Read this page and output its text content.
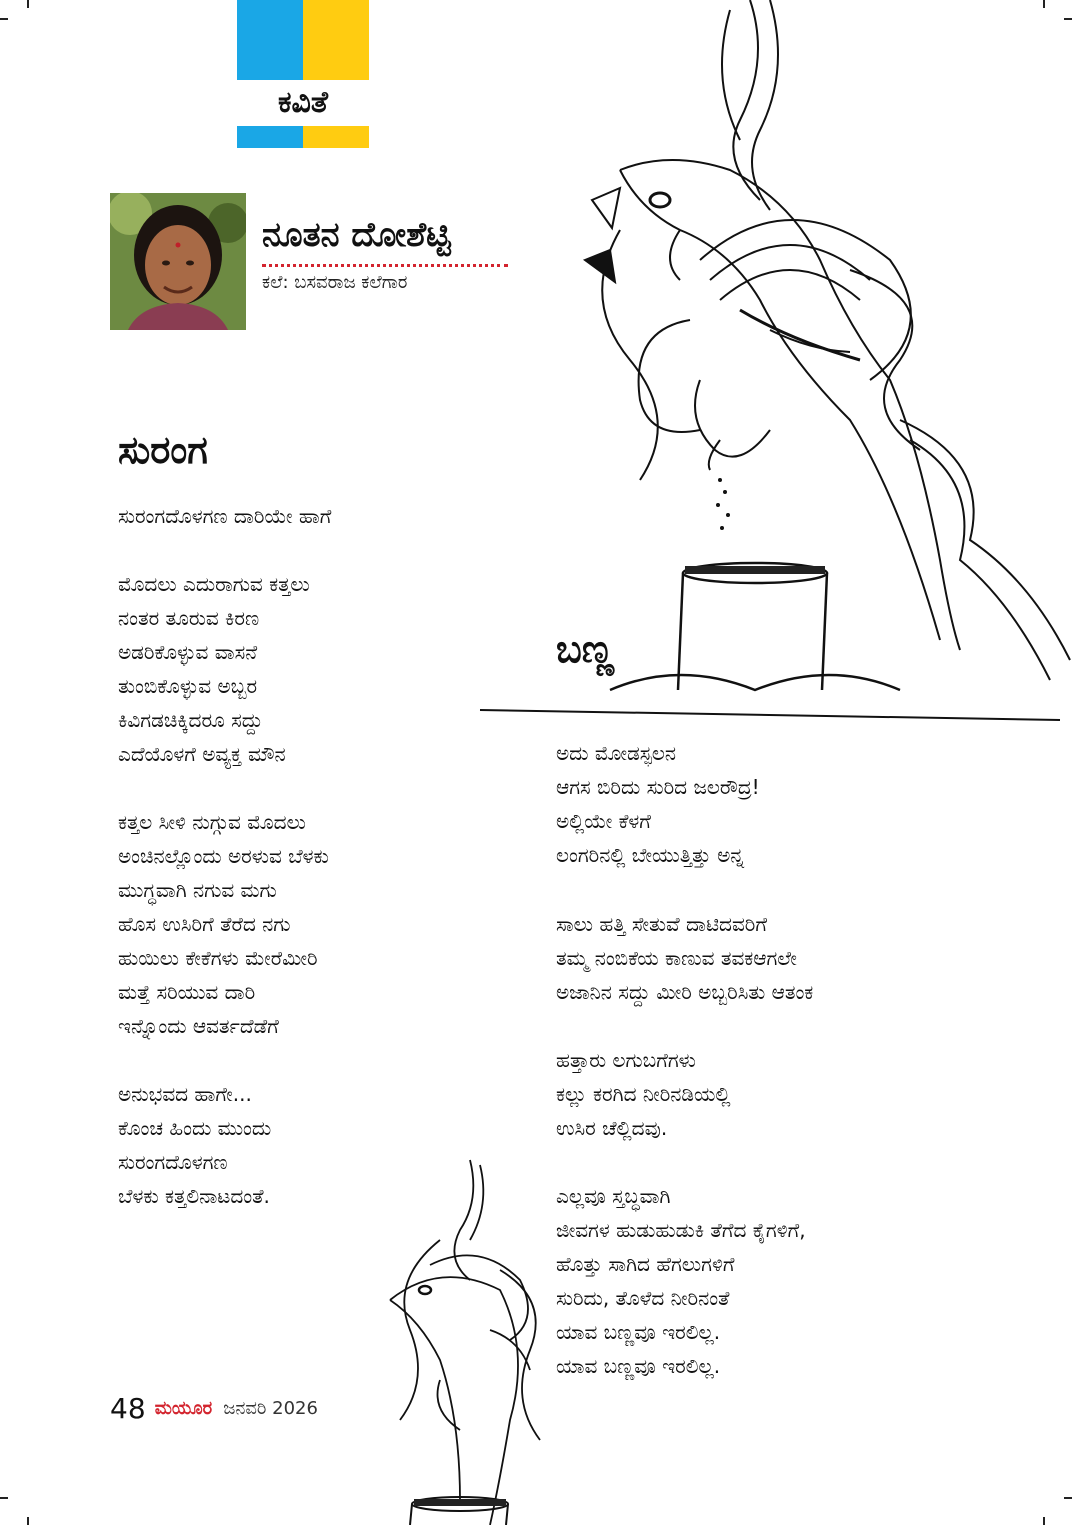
ಕವಿತೆ
ನೂತನ ದೋಶೆಟ್ಟಿ
ಕಲೆ: ಬಸವರಾಜ ಕಲೆಗಾರ
ಸುರಂಗ
ಸುರಂಗದೊಳಗಣ ದಾರಿಯೇ ಹಾಗೆ
ಮೊದಲು ಎದುರಾಗುವ ಕತ್ತಲು
ನಂತರ ತೂರುವ ಕಿರಣ
ಅಡರಿಕೊಳ್ಳುವ ವಾಸನೆ
ತುಂಬಿಕೊಳ್ಳುವ ಅಬ್ಬರ
ಕಿವಿಗಡಚಿಕ್ಕಿದರೂ ಸದ್ದು
ಎದೆಯೊಳಗೆ ಅವ್ಯಕ್ತ ಮೌನ
ಕತ್ತಲ ಸೀಳಿ ನುಗ್ಗುವ ಮೊದಲು
ಅಂಚಿನಲ್ಲೊಂದು ಅರಳುವ ಬೆಳಕು
ಮುಗ್ಧವಾಗಿ ನಗುವ ಮಗು
ಹೊಸ ಉಸಿರಿಗೆ ತೆರೆದ ನಗು
ಹುಯಿಲು ಕೇಕೆಗಳು ಮೇರೆಮೀರಿ
ಮತ್ತೆ ಸರಿಯುವ ದಾರಿ
ಇನ್ನೊಂದು ಆವರ್ತದೆಡೆಗೆ
ಅನುಭವದ ಹಾಗೇ...
ಕೊಂಚ ಹಿಂದು ಮುಂದು
ಸುರಂಗದೊಳಗಣ
ಬೆಳಕು ಕತ್ತಲಿನಾಟದಂತೆ.
ಬಣ್ಣ
ಅದು ಮೋಡಸ್ಫಲನ
ಆಗಸ ಬಿರಿದು ಸುರಿದ ಜಲರೌದ್ರ!
ಅಲ್ಲಿಯೇ ಕೆಳಗೆ
ಲಂಗರಿನಲ್ಲಿ ಬೇಯುತ್ತಿತ್ತು ಅನ್ನ
ಸಾಲು ಹತ್ತಿ ಸೇತುವೆ ದಾಟಿದವರಿಗೆ
ತಮ್ಮ ನಂಬಿಕೆಯ ಕಾಣುವ ತವಕಆಗಲೇ
ಅಜಾನಿನ ಸದ್ದು ಮೀರಿ ಅಬ್ಬರಿಸಿತು ಆತಂಕ
ಹತ್ತಾರು ಲಗುಬಗೆಗಳು
ಕಲ್ಲು ಕರಗಿದ ನೀರಿನಡಿಯಲ್ಲಿ
ಉಸಿರ ಚೆಲ್ಲಿದವು.
ಎಲ್ಲವೂ ಸ್ತಬ್ಧವಾಗಿ
ಜೀವಗಳ ಹುಡುಹುಡುಕಿ ತೆಗೆದ ಕೈಗಳಿಗೆ,
ಹೊತ್ತು ಸಾಗಿದ ಹೆಗಲುಗಳಿಗೆ
ಸುರಿದು, ತೊಳೆದ ನೀರಿನಂತೆ
ಯಾವ ಬಣ್ಣವೂ ಇರಲಿಲ್ಲ.
ಯಾವ ಬಣ್ಣವೂ ಇರಲಿಲ್ಲ.
48 ಮಯೂರ ಜನವರಿ 2026
